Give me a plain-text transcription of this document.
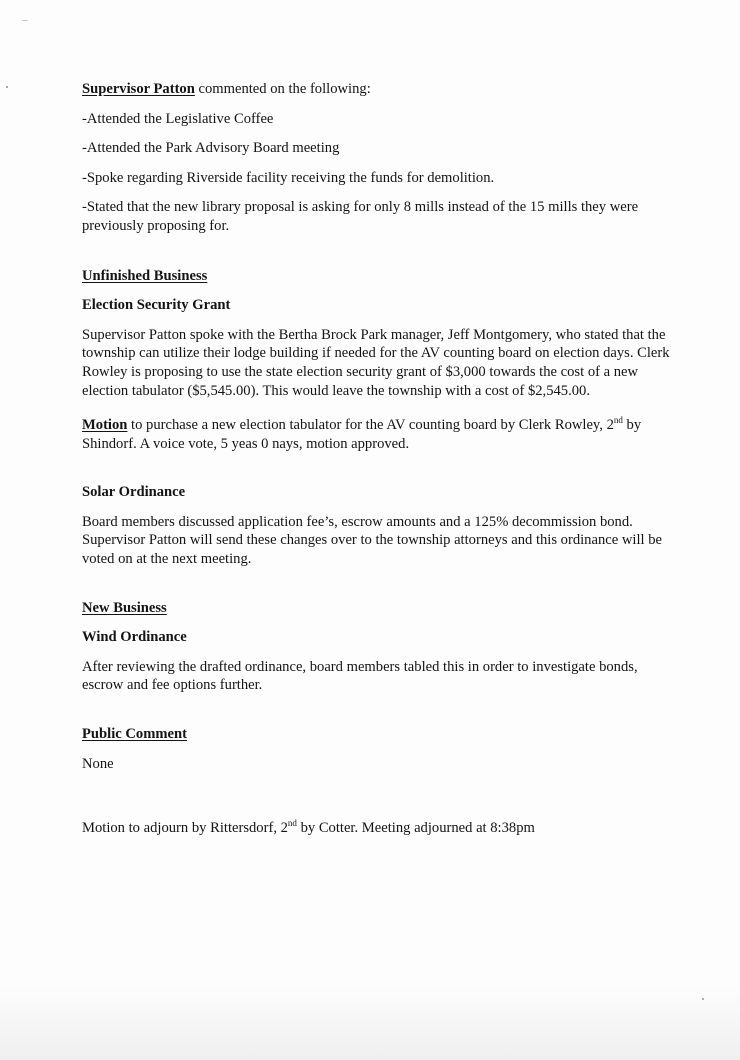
Supervisor Patton commented on the following:

-Attended the Legislative Coffee

-Attended the Park Advisory Board meeting

-Spoke regarding Riverside facility receiving the funds for demolition.

-Stated that the new library proposal is asking for only 8 mills instead of the 15 mills they were previously proposing for.

Unfinished Business

Election Security Grant

Supervisor Patton spoke with the Bertha Brock Park manager, Jeff Montgomery, who stated that the township can utilize their lodge building if needed for the AV counting board on election days. Clerk Rowley is proposing to use the state election security grant of $3,000 towards the cost of a new election tabulator ($5,545.00). This would leave the township with a cost of $2,545.00.

Motion to purchase a new election tabulator for the AV counting board by Clerk Rowley, 2nd by Shindorf. A voice vote, 5 yeas 0 nays, motion approved.

Solar Ordinance

Board members discussed application fee’s, escrow amounts and a 125% decommission bond. Supervisor Patton will send these changes over to the township attorneys and this ordinance will be voted on at the next meeting.

New Business

Wind Ordinance

After reviewing the drafted ordinance, board members tabled this in order to investigate bonds, escrow and fee options further.

Public Comment

None

Motion to adjourn by Rittersdorf, 2nd by Cotter. Meeting adjourned at 8:38pm
